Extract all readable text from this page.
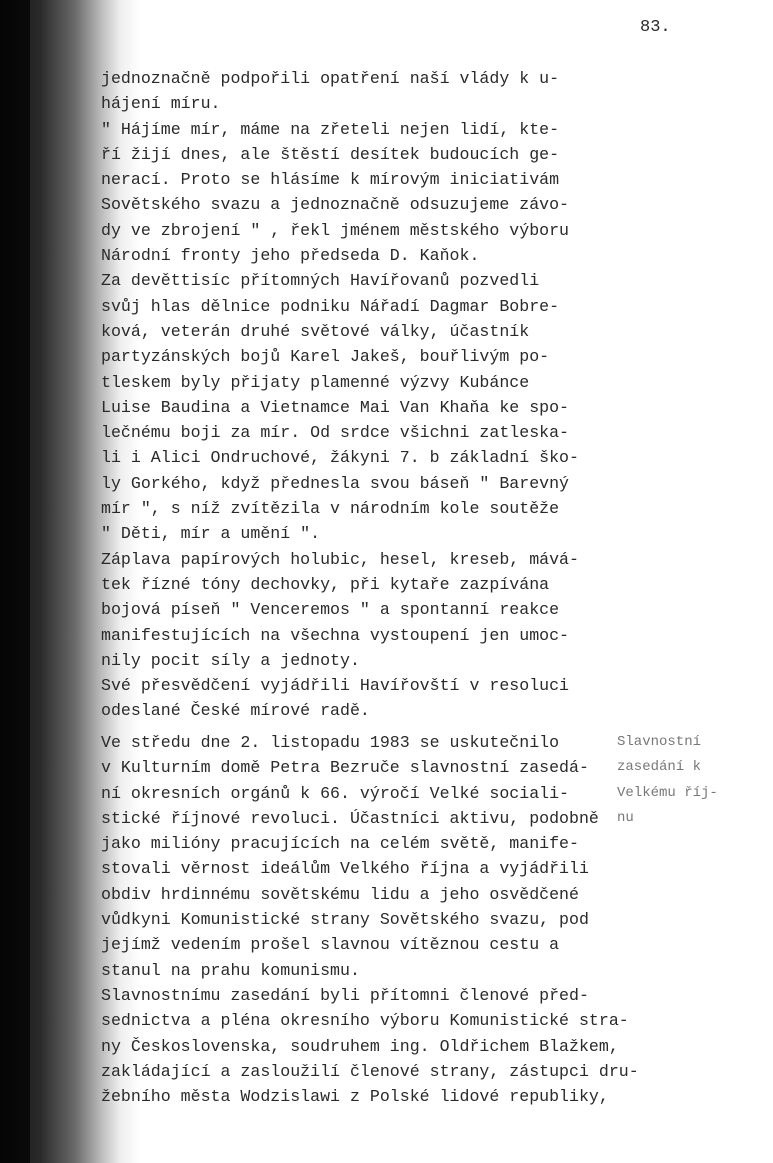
83.
jednoznačně podpořili opatření naší vlády k u-
hájení míru.
" Hájíme mír, máme na zřeteli nejen lidí, kte-
ří žijí dnes, ale štěstí desítek budoucích ge-
nerací. Proto se hlásíme k mírovým iniciativám
Sovětského svazu a jednoznačně odsuzujeme závo-
dy ve zbrojení " , řekl jménem městského výboru
Národní fronty jeho předseda D. Kaňok.
Za devěttisíc přítomných Havířovanů pozvedli
svůj hlas dělnice podniku Nářadí Dagmar Bobre-
ková, veterán druhé světové války, účastník
partyzánských bojů Karel Jakeš, bouřlivým po-
tleskem byly přijaty plamenné výzvy Kubánce
Luise Baudina a Vietnamce Mai Van Khaňa ke spo-
lečnému boji za mír. Od srdce všichni zatleska-
li i Alici Ondruchové, žákyni 7. b základní ško-
ly Gorkého, když přednesla svou báseň " Barevný
mír ", s níž zvítězila v národním kole soutěže
" Děti, mír a umění ".
Záplava papírových holubic, hesel, kreseb, mává-
tek řízné tóny dechovky, při kytaře zazpívána
bojová píseň " Venceremos " a spontanní reakce
manifestujících na všechna vystoupení jen umoc-
nily pocit síly a jednoty.
Své přesvědčení vyjádřili Havířovští v resoluci
odeslané České mírové radě.
Ve středu dne 2. listopadu 1983 se uskutečnilo
v Kulturním domě Petra Bezruče slavnostní zasedá-
ní okresních orgánů k 66. výročí Velké sociali-
stické říjnové revoluci. Účastníci aktivu, podobně
jako milióny pracujících na celém světě, manife-
stovali věrnost ideálům Velkého října a vyjádřili
obdiv hrdinnému sovětskému lidu a jeho osvědčené
vůdkyni Komunistické strany Sovětského svazu, pod
jejímž vedením prošel slavnou vítěznou cestu a
stanul na prahu komunismu.
Slavnostnímu zasedání byli přítomni členové před-
sednictva a pléna okresního výboru Komunistické stra-
ny Československa, soudruhem ing. Oldřichem Blažkem,
zakládající a zasloužilí členové strany, zástupci dru-
žebního města Wodzislawi z Polské lidové republiky,
Slavnostní
zasedání k
Velkému říj-
nu
